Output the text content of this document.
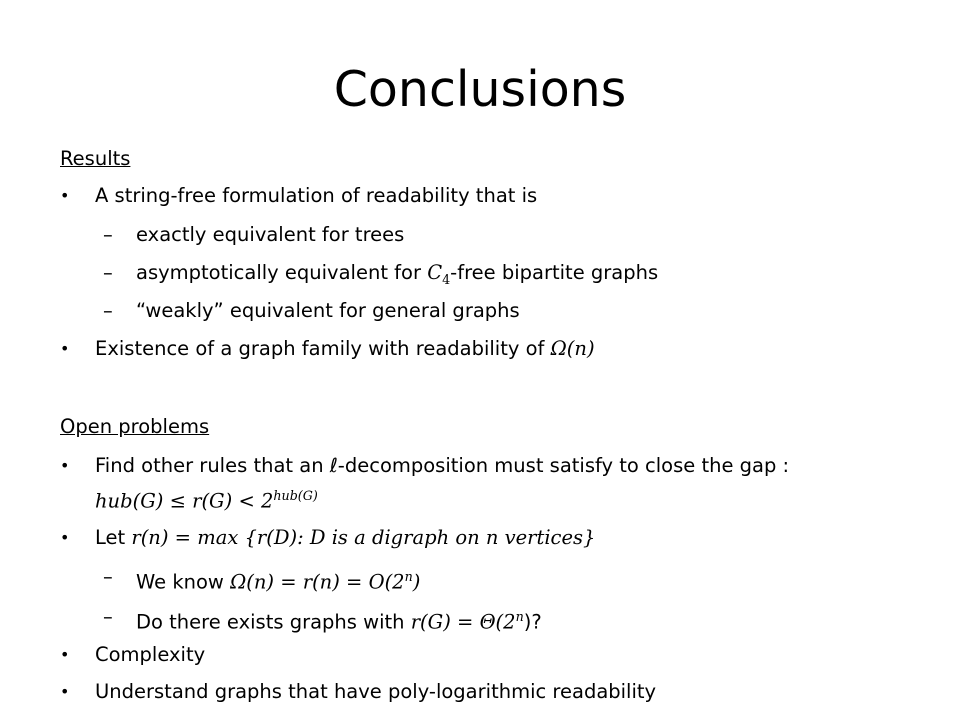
Conclusions
Results
• A string-free formulation of readability that is
– exactly equivalent for trees
– asymptotically equivalent for $C_4$-free bipartite graphs
– “weakly” equivalent for general graphs
• Existence of a graph family with readability of Ω(n)
Open problems
• Find other rules that an ℓ-decomposition must satisfy to close the gap :
$hub(G) \le r(G) < 2^{hub(G)}$
• Let r(n) = max {r(D): D is a digraph on n vertices}
– We know $\Omega(n) = r(n) = O(2^n)$
– Do there exists graphs with $r(G) = \Theta(2^n)$?
• Complexity
• Understand graphs that have poly-logarithmic readability
